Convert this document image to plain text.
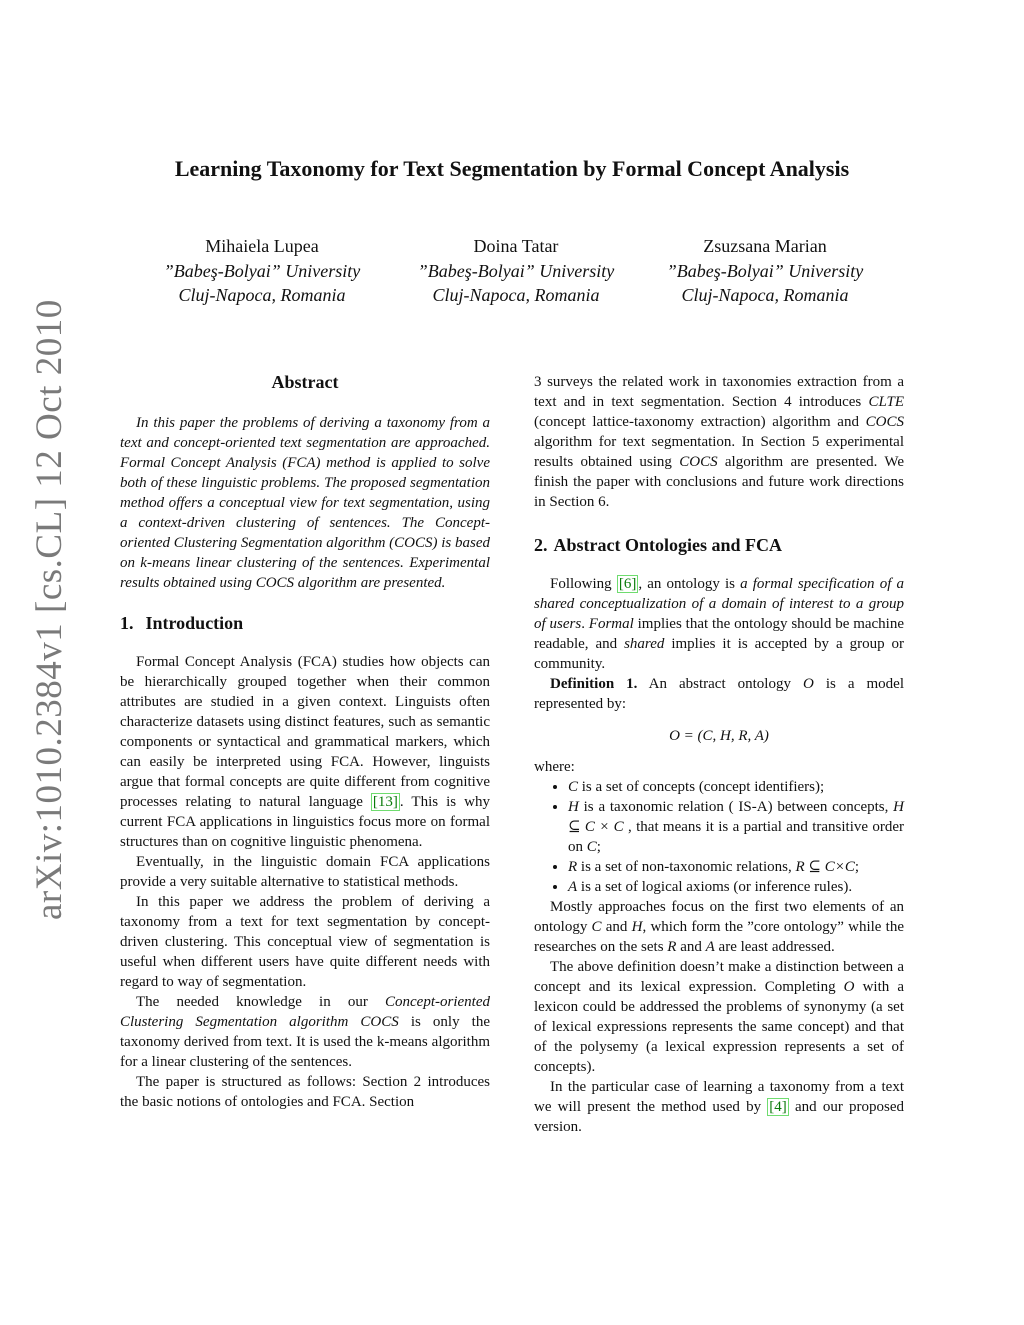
arXiv:1010.2384v1 [cs.CL] 12 Oct 2010
Learning Taxonomy for Text Segmentation by Formal Concept Analysis
Mihaiela Lupea
”Babeş-Bolyai” University
Cluj-Napoca, Romania
Doina Tatar
”Babeş-Bolyai” University
Cluj-Napoca, Romania
Zsuzsana Marian
”Babeş-Bolyai” University
Cluj-Napoca, Romania
Abstract

In this paper the problems of deriving a taxonomy from a text and concept-oriented text segmentation are approached. Formal Concept Analysis (FCA) method is applied to solve both of these linguistic problems. The proposed segmentation method offers a conceptual view for text segmentation, using a context-driven clustering of sentences. The Concept-oriented Clustering Segmentation algorithm (COCS) is based on k-means linear clustering of the sentences. Experimental results obtained using COCS algorithm are presented.

1. Introduction

Formal Concept Analysis (FCA) studies how objects can be hierarchically grouped together when their common attributes are studied in a given context. Linguists often characterize datasets using distinct features, such as semantic components or syntactical and grammatical markers, which can easily be interpreted using FCA. However, linguists argue that formal concepts are quite different from cognitive processes relating to natural language [13] . This is why current FCA applications in linguistics focus more on formal structures than on cognitive linguistic phenomena.

Eventually, in the linguistic domain FCA applications provide a very suitable alternative to statistical methods.

In this paper we address the problem of deriving a taxonomy from a text for text segmentation by concept-driven clustering. This conceptual view of segmentation is useful when different users have quite different needs with regard to way of segmentation.

The needed knowledge in our Concept-oriented Clustering Segmentation algorithm COCS is only the taxonomy derived from text. It is used the k-means algorithm for a linear clustering of the sentences.

The paper is structured as follows: Section 2 introduces the basic notions of ontologies and FCA. Section

3 surveys the related work in taxonomies extraction from a text and in text segmentation. Section 4 introduces CLTE (concept lattice-taxonomy extraction) algorithm and COCS algorithm for text segmentation. In Section 5 experimental results obtained using COCS algorithm are presented. We finish the paper with conclusions and future work directions in Section 6.

2. Abstract Ontologies and FCA

Following [6] , an ontology is a formal specification of a shared conceptualization of a domain of interest to a group of users. Formal implies that the ontology should be machine readable, and shared implies it is accepted by a group or community.

Definition 1. An abstract ontology O is a model represented by:

O = (C, H, R, A)

where:

• C is a set of concepts (concept identifiers);
• H is a taxonomic relation ( IS-A) between concepts, H ⊆ C × C , that means it is a partial and transitive order on C;
• R is a set of non-taxonomic relations, R ⊆ C×C;
• A is a set of logical axioms (or inference rules).

Mostly approaches focus on the first two elements of an ontology C and H, which form the ”core ontology” while the researches on the sets R and A are least addressed.

The above definition doesn’t make a distinction between a concept and its lexical expression. Completing O with a lexicon could be addressed the problems of synonymy (a set of lexical expressions represents the same concept) and that of the polysemy (a lexical expression represents a set of concepts).

In the particular case of learning a taxonomy from a text we will present the method used by [4] and our proposed version.
